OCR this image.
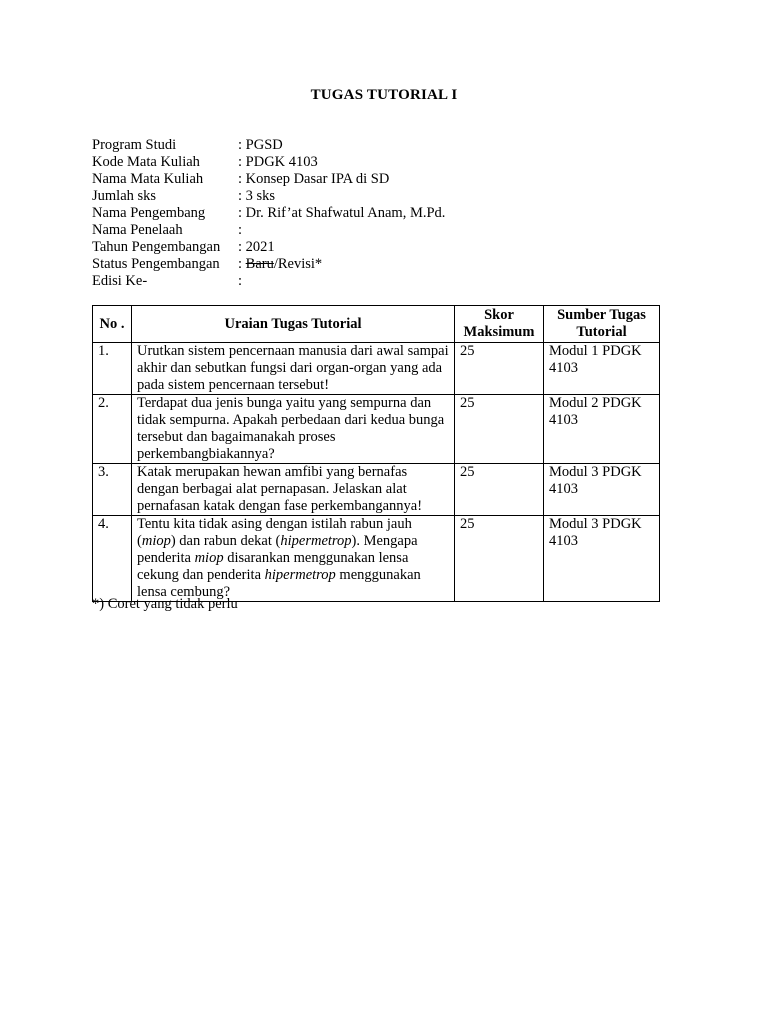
TUGAS TUTORIAL I
Program Studi	: PGSD
Kode Mata Kuliah	: PDGK 4103
Nama Mata Kuliah	: Konsep Dasar IPA di SD
Jumlah sks	: 3 sks
Nama Pengembang	: Dr. Rif’at Shafwatul Anam, M.Pd.
Nama Penelaah	:
Tahun Pengembangan	: 2021
Status Pengembangan	: Baru/Revisi*
Edisi Ke-	:
No .	Uraian Tugas Tutorial	Skor Maksimum	Sumber Tugas Tutorial
1.	Urutkan sistem pencernaan manusia dari awal sampai akhir dan sebutkan fungsi dari organ-organ yang ada pada sistem pencernaan tersebut!	25	Modul 1 PDGK 4103
2.	Terdapat dua jenis bunga yaitu yang sempurna dan tidak sempurna. Apakah perbedaan dari kedua bunga tersebut dan bagaimanakah proses perkembangbiakannya?	25	Modul 2 PDGK 4103
3.	Katak merupakan hewan amfibi yang bernafas dengan berbagai alat pernapasan. Jelaskan alat pernafasan katak dengan fase perkembangannya!	25	Modul 3 PDGK 4103
4.	Tentu kita tidak asing dengan istilah rabun jauh (miop) dan rabun dekat (hipermetrop). Mengapa penderita miop disarankan menggunakan lensa cekung dan penderita hipermetrop menggunakan lensa cembung?	25	Modul 3 PDGK 4103
*) Coret yang tidak perlu
